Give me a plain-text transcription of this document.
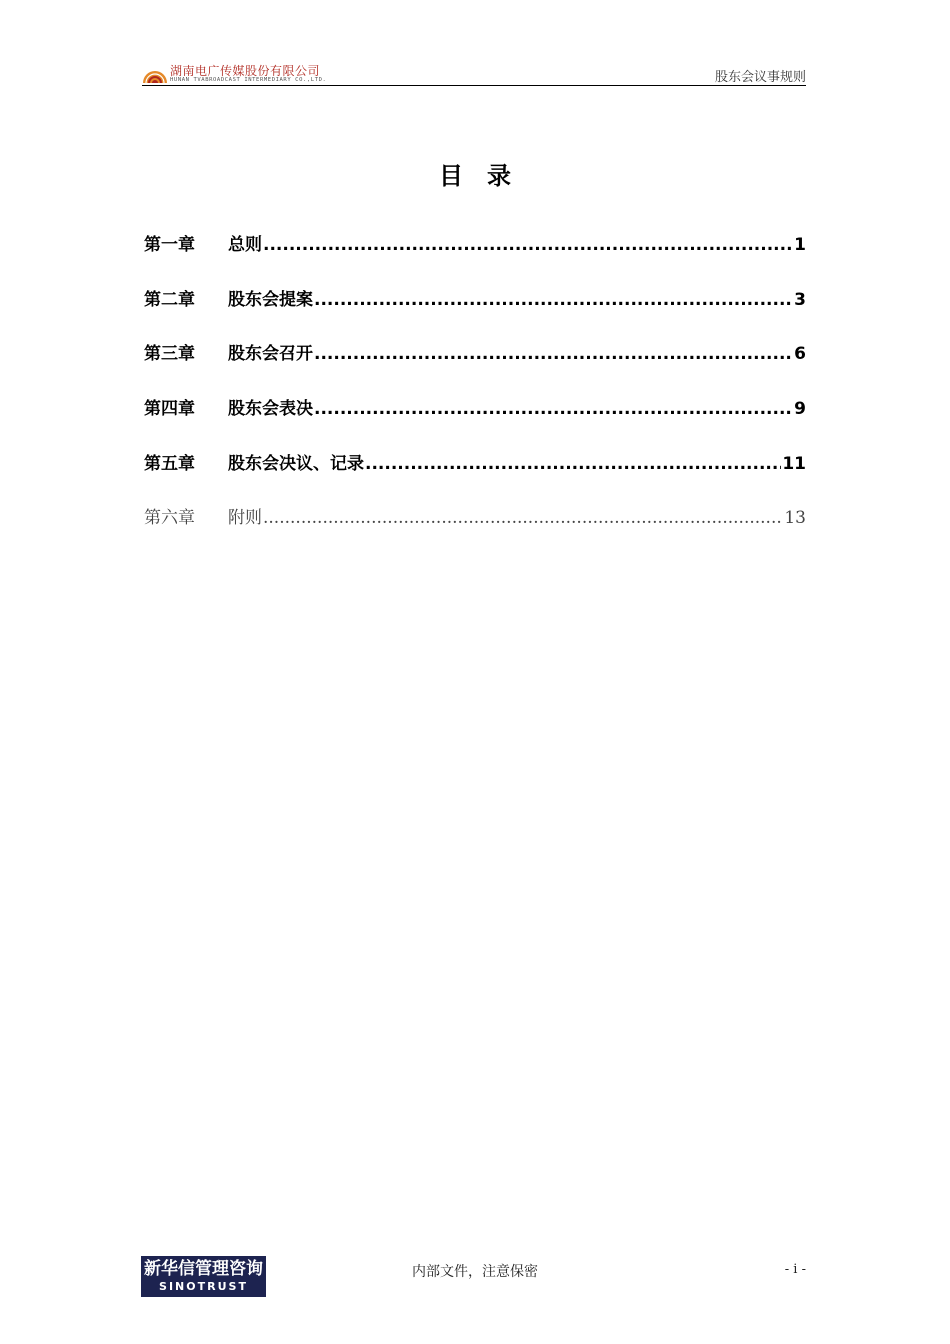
湖南电广传媒股份有限公司
HUNAN TVABROADCAST INTERMEDIARY CO.,LTD.	股东会议事规则
目录
第一章	总则 .....	1
第二章	股东会提案 .....	3
第三章	股东会召开 .....	6
第四章	股东会表决 .....	9
第五章	股东会决议、记录 .....	11
第六章	附则 .....	13
新华信管理咨询
SINOTRUST
内部文件，注意保密	- i -
